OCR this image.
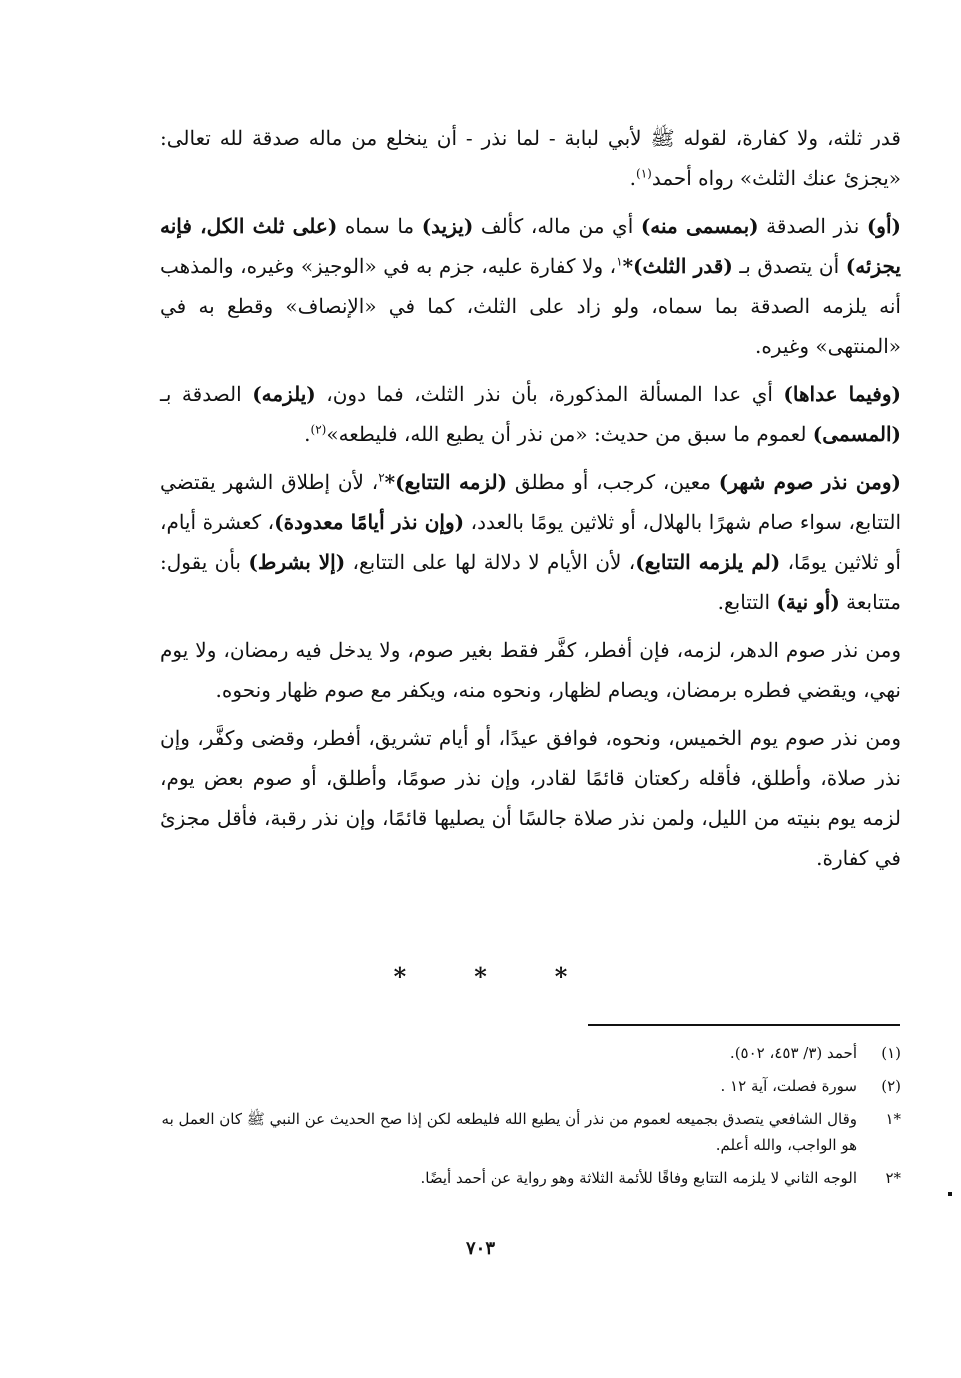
قدر ثلثه، ولا كفارة، لقوله ﷺ لأبي لبابة - لما نذر - أن ينخلع من ماله صدقة لله تعالى: «يجزئ عنك الثلث» رواه أحمد$^{(١)}$.

(أو) نذر الصدقة (بمسمى منه) أي من ماله، كألف (يزيد) ما سماه (على ثلث الكل، فإنه يجزئه) أن يتصدق بـ (قدر الثلث)*$^١$، ولا كفارة عليه، جزم به في «الوجيز» وغيره، والمذهب أنه يلزمه الصدقة بما سماه، ولو زاد على الثلث، كما في «الإنصاف» وقطع به في «المنتهى» وغيره.

(وفيما عداها) أي عدا المسألة المذكورة، بأن نذر الثلث، فما دون، (يلزمه) الصدقة بـ (المسمى) لعموم ما سبق من حديث: «من نذر أن يطيع الله، فليطعه»$^{(٢)}$.

(ومن نذر صوم شهر) معين، كرجب، أو مطلق (لزمه التتابع)*$^٢$، لأن إطلاق الشهر يقتضي التتابع، سواء صام شهرًا بالهلال، أو ثلاثين يومًا بالعدد، (وإن نذر أيامًا معدودة)، كعشرة أيام، أو ثلاثين يومًا، (لم يلزمه التتابع)، لأن الأيام لا دلالة لها على التتابع، (إلا بشرط) بأن يقول: متتابعة (أو نية) التتابع.

ومن نذر صوم الدهر، لزمه، فإن أفطر، كفَّر فقط بغير صوم، ولا يدخل فيه رمضان، ولا يوم نهي، ويقضي فطره برمضان، ويصام لظهار، ونحوه منه، ويكفر مع صوم ظهار ونحوه.

ومن نذر صوم يوم الخميس، ونحوه، فوافق عيدًا، أو أيام تشريق، أفطر، وقضى وكفَّر، وإن نذر صلاة، وأطلق، فأقله ركعتان قائمًا لقادر، وإن نذر صومًا، وأطلق، أو صوم بعض يوم، لزمه يوم بنيته من الليل، ولمن نذر صلاة جالسًا أن يصليها قائمًا، وإن نذر رقبة، فأقل مجزئ في كفارة.

*	*	*
(١)
أحمد (٣/ ٤٥٣، ٥٠٢).
(٢)
سورة فصلت، آية ١٢ .
*١
وقال الشافعي يتصدق بجميعه لعموم من نذر أن يطيع الله فليطعه لكن إذا صح الحديث عن النبي ﷺ كان العمل به هو الواجب، والله أعلم.
*٢
الوجه الثاني لا يلزمه التتابع وفاقًا للأئمة الثلاثة وهو رواية عن أحمد أيضًا.
٧٠٣
